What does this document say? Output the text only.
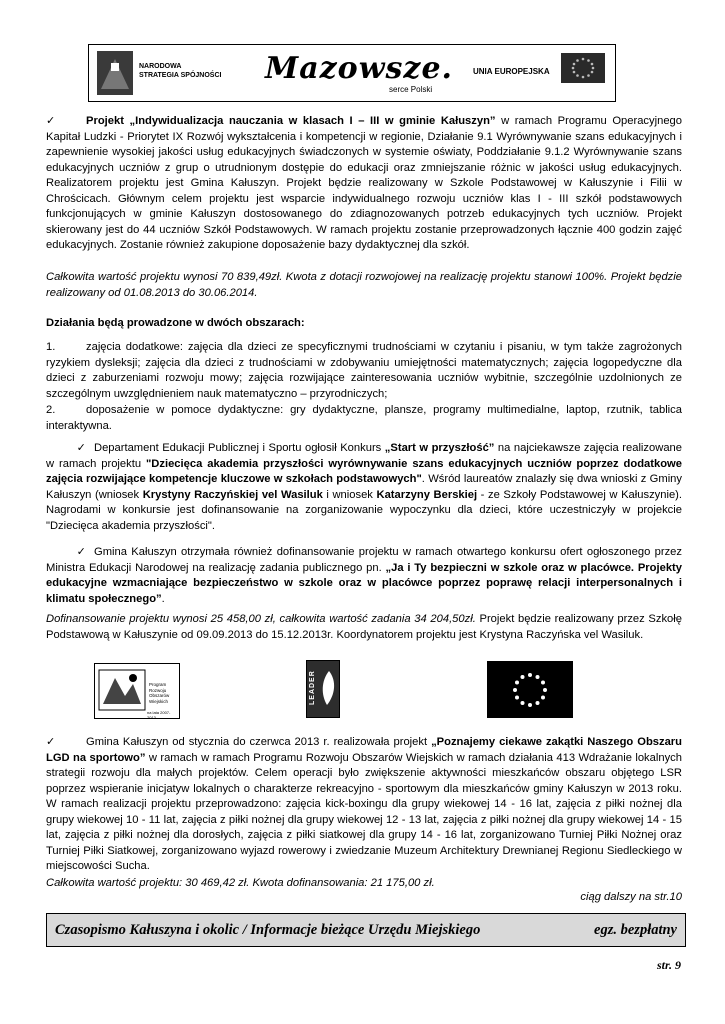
NARODOWA
STRATEGIA SPÓJNOŚCI Mazowsze.
serce Polski
UNIA EUROPEJSKA

✓	Projekt „Indywidualizacja nauczania w klasach I – III w gminie Kałuszyn” w ramach Programu Operacyjnego Kapitał Ludzki - Priorytet IX Rozwój wykształcenia i kompetencji w regionie, Działanie 9.1 Wyrównywanie szans edukacyjnych i zapewnienie wysokiej jakości usług edukacyjnych świadczonych w systemie oświaty, Poddziałanie 9.1.2 Wyrównywanie szans edukacyjnych uczniów z grup o utrudnionym dostępie do edukacji oraz zmniejszanie różnic w jakości usług edukacyjnych. Realizatorem projektu jest Gmina Kałuszyn. Projekt będzie realizowany w Szkole Podstawowej w Kałuszynie i Filii w Chrościcach. Głównym celem projektu jest wsparcie indywidualnego rozwoju uczniów klas I - III szkół podstawowych funkcjonujących w gminie Kałuszyn dostosowanego do zdiagnozowanych potrzeb edukacyjnych tych uczniów. Projekt skierowany jest do 44 uczniów Szkół Podstawowych. W ramach projektu zostanie przeprowadzonych łącznie 400 godzin zajęć edukacyjnych. Zostanie również zakupione doposażenie bazy dydaktycznej dla szkół.

Całkowita wartość projektu wynosi 70 839,49zł. Kwota z dotacji rozwojowej na realizację projektu stanowi 100%. Projekt będzie realizowany od 01.08.2013 do 30.06.2014.
Działania będą prowadzone w dwóch obszarach:

1.	zajęcia dodatkowe: zajęcia dla dzieci ze specyficznymi trudnościami w czytaniu i pisaniu, w tym także zagrożonych ryzykiem dysleksji; zajęcia dla dzieci z trudnościami w zdobywaniu umiejętności matematycznych; zajęcia logopedyczne dla dzieci z zaburzeniami rozwoju mowy; zajęcia rozwijające zainteresowania uczniów wybitnie, szczególnie uzdolnionych ze szczególnym uwzględnieniem nauk matematyczno – przyrodniczych;

2.	doposażenie w pomoce dydaktyczne: gry dydaktyczne, plansze, programy multimedialne, laptop, rzutnik, tablica interaktywna.

✓ Departament Edukacji Publicznej i Sportu ogłosił Konkurs „Start w przyszłość” na najciekawsze zajęcia realizowane w ramach projektu "Dziecięca akademia przyszłości wyrównywanie szans edukacyjnych uczniów poprzez dodatkowe zajęcia rozwijające kompetencje kluczowe w szkołach podstawowych". Wśród laureatów znalazły się dwa wnioski z Gminy Kałuszyn (wniosek Krystyny Raczyńskiej vel Wasiluk i wniosek Katarzyny Berskiej - ze Szkoły Podstawowej w Kałuszynie). Nagrodami w konkursie jest dofinansowanie na zorganizowanie wypoczynku dla dzieci, które uczestniczyły w projekcie "Dziecięca akademia przyszłości".

✓ Gmina Kałuszyn otrzymała również dofinansowanie projektu w ramach otwartego konkursu ofert ogłoszonego przez Ministra Edukacji Narodowej na realizację zadania publicznego pn. „Ja i Ty bezpieczni w szkole oraz w placówce. Projekty edukacyjne wzmacniające bezpieczeństwo w szkole oraz w placówce poprzez poprawę relacji interpersonalnych i klimatu społecznego”.

Dofinansowanie projektu wynosi 25 458,00 zł, całkowita wartość zadania 34 204,50zł. Projekt będzie realizowany przez Szkołę Podstawową w Kałuszynie od 09.09.2013 do 15.12.2013r. Koordynatorem projektu jest Krystyna Raczyńska vel Wasiluk.

Program
Rozwoju
Obszarów
Wiejskich
na lata 2007-2013
LEADER

✓	Gmina Kałuszyn od stycznia do czerwca 2013 r. realizowała projekt „Poznajemy ciekawe zakątki Naszego Obszaru LGD na sportowo” w ramach w ramach Programu Rozwoju Obszarów Wiejskich w ramach działania 413 Wdrażanie lokalnych strategii rozwoju dla małych projektów. Celem operacji było zwiększenie aktywności mieszkańców obszaru objętego LSR poprzez wspieranie inicjatyw lokalnych o charakterze rekreacyjno - sportowym dla mieszkańców gminy Kałuszyn w 2013 roku. W ramach realizacji projektu przeprowadzono: zajęcia kick-boxingu dla grupy wiekowej 14 - 16 lat, zajęcia z piłki nożnej dla grupy wiekowej 10 - 11 lat, zajęcia z piłki nożnej dla grupy wiekowej 12 - 13 lat, zajęcia z piłki nożnej dla grupy wiekowej 14 - 15 lat, zajęcia z piłki nożnej dla dorosłych, zajęcia z piłki siatkowej dla grupy 14 - 16 lat, zorganizowano Turniej Piłki Nożnej oraz Turniej Piłki Siatkowej, zorganizowano wyjazd rowerowy i zwiedzanie Muzeum Architektury Drewnianej Regionu Siedleckiego w miejscowości Sucha.

Całkowita wartość projektu: 30 469,42 zł. Kwota dofinansowania: 21 175,00 zł.
ciąg dalszy na str.10
Czasopismo Kałuszyna i okolic / Informacje bieżące Urzędu Miejskiego	egz. bezpłatny
str. 9
